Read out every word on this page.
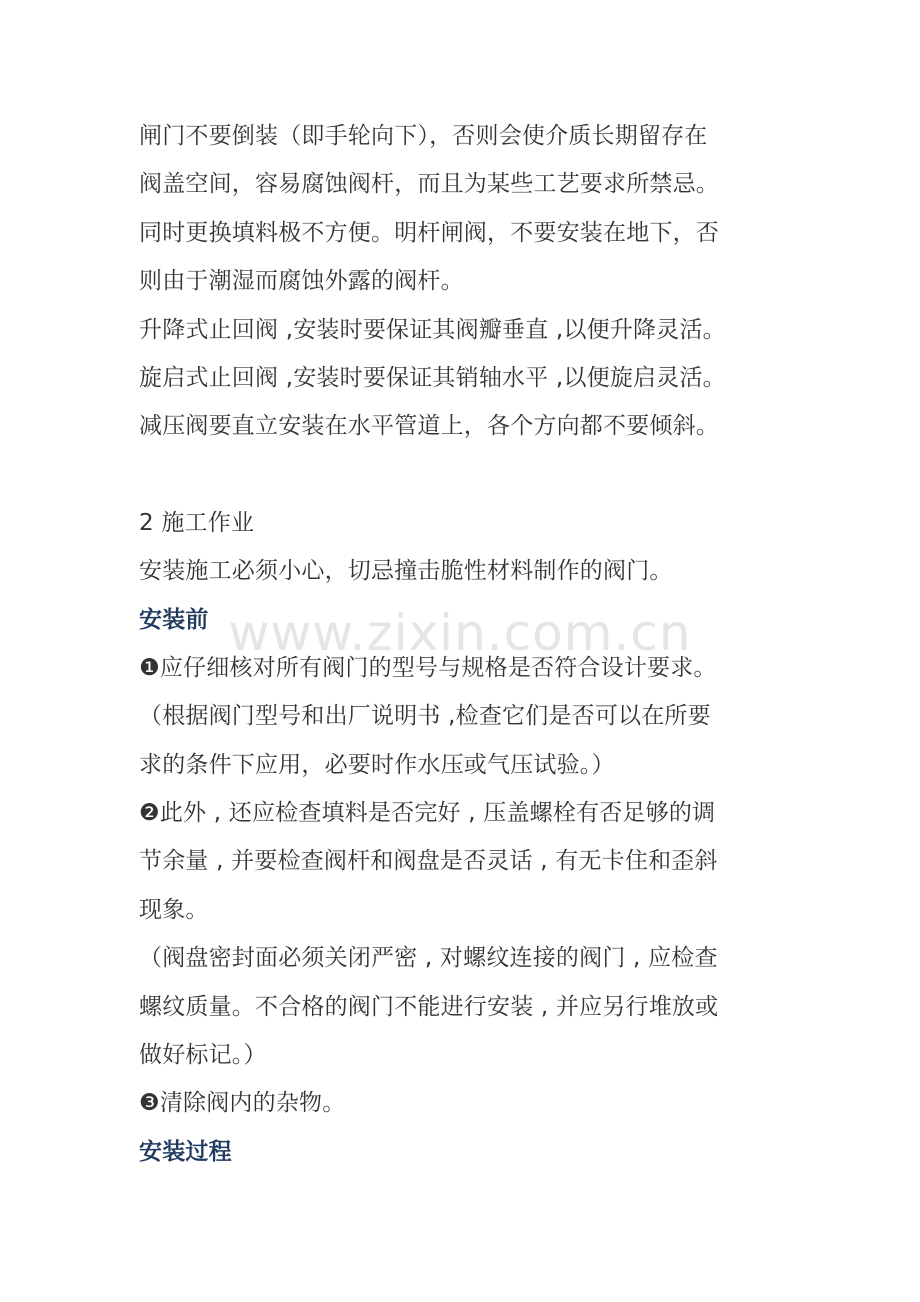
闸门不要倒装（即手轮向下），否则会使介质长期留存在
阀盖空间，容易腐蚀阀杆，而且为某些工艺要求所禁忌。
同时更换填料极不方便。明杆闸阀，不要安装在地下，否
则由于潮湿而腐蚀外露的阀杆。
升降式止回阀 ,安装时要保证其阀瓣垂直 ,以便升降灵活。
旋启式止回阀 ,安装时要保证其销轴水平 ,以便旋启灵活。
减压阀要直立安装在水平管道上，各个方向都不要倾斜。
2 施工作业
安装施工必须小心，切忌撞击脆性材料制作的阀门。
安装前
❶应仔细核对所有阀门的型号与规格是否符合设计要求。
（根据阀门型号和出厂说明书 ,检查它们是否可以在所要
求的条件下应用，必要时作水压或气压试验。）
❷此外 , 还应检查填料是否完好 , 压盖螺栓有否足够的调
节余量 , 并要检查阀杆和阀盘是否灵话 , 有无卡住和歪斜
现象。
（阀盘密封面必须关闭严密 , 对螺纹连接的阀门 , 应检查
螺纹质量。不合格的阀门不能进行安装 , 并应另行堆放或
做好标记。）
❸清除阀内的杂物。
安装过程
www.zixin.com.cn
